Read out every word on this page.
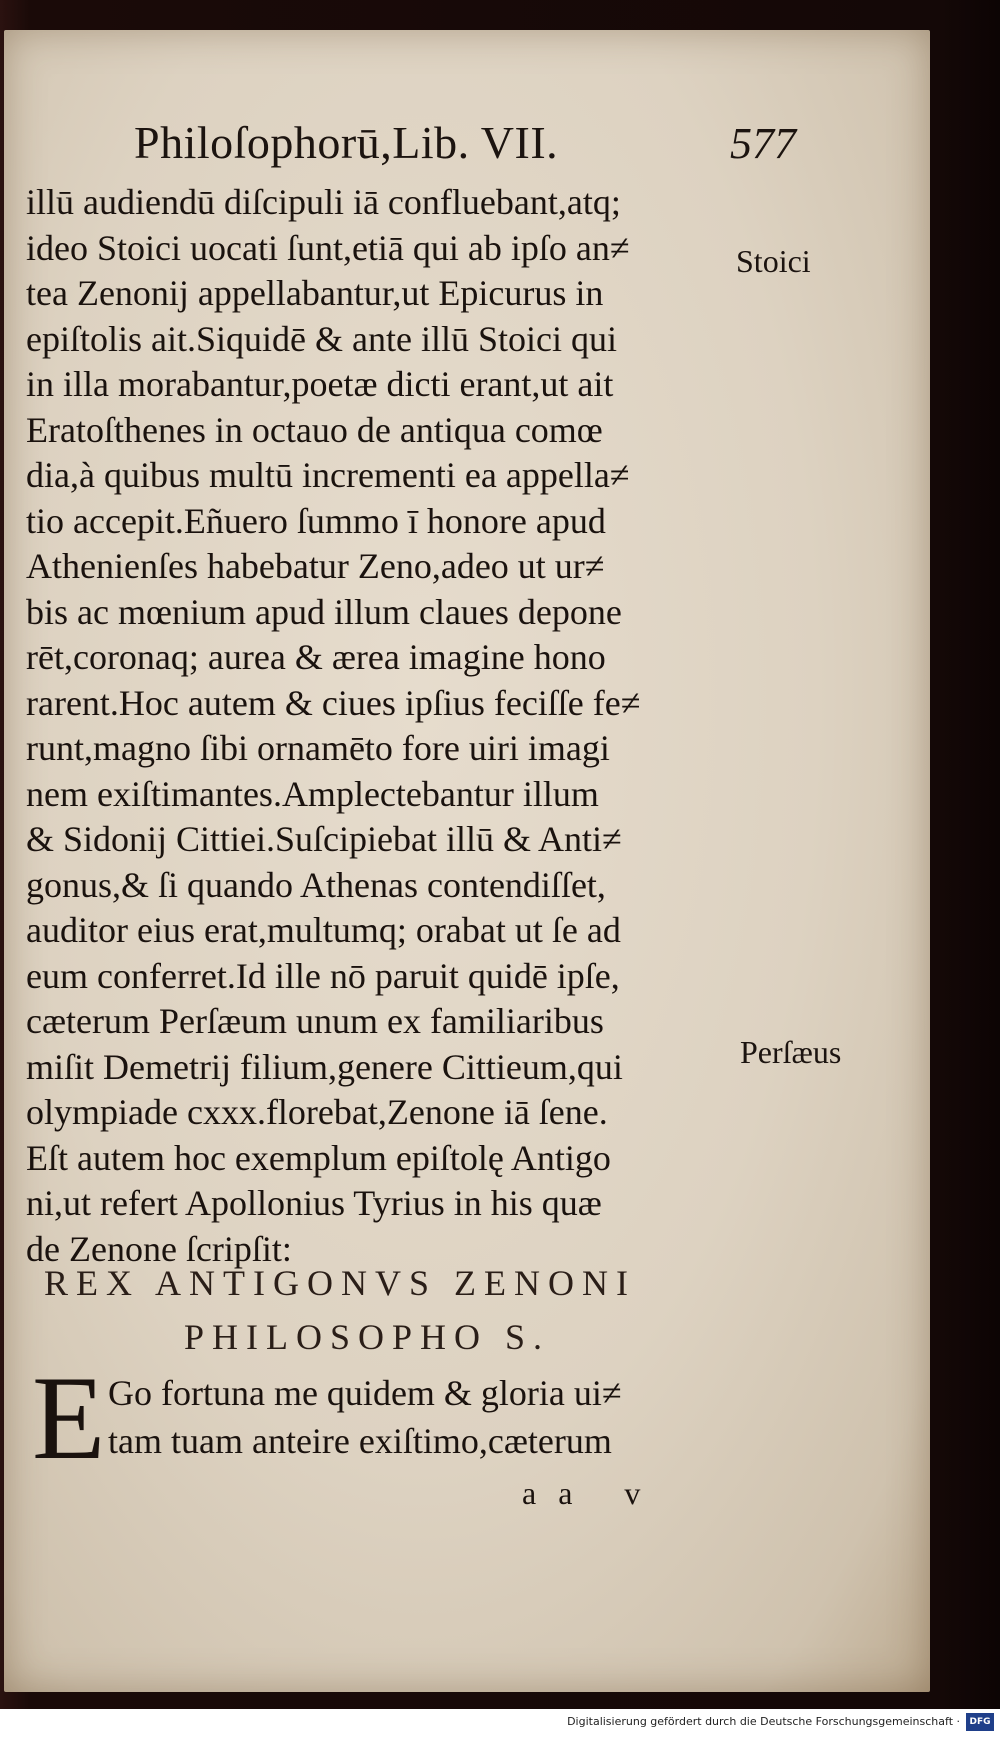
Philoſophorū,Lib. VII.	577
illū audiendū diſcipuli iā confluebant,atq;
ideo Stoici uocati ſunt,etiā qui ab ipſo an≠
tea Zenonij appellabantur,ut Epicurus in
epiſtolis ait.Siquidē & ante illū Stoici qui
in illa morabantur,poetæ dicti erant,ut ait
Eratoſthenes in octauo de antiqua comœ
dia,à quibus multū incrementi ea appella≠
tio accepit.Eñuero ſummo ī honore apud
Athenienſes habebatur Zeno,adeo ut ur≠
bis ac mœnium apud illum claues depone
rēt,coronaq; aurea & ærea imagine hono
rarent.Hoc autem & ciues ipſius feciſſe fe≠
runt,magno ſibi ornamēto fore uiri imagi
nem exiſtimantes.Amplectebantur illum
& Sidonij Cittiei.Suſcipiebat illū & Anti≠
gonus,& ſi quando Athenas contendiſſet,
auditor eius erat,multumq; orabat ut ſe ad
eum conferret.Id ille nō paruit quidē ipſe,
cæterum Perſæum unum ex familiaribus
miſit Demetrij filium,genere Cittieum,qui
olympiade cxxx.florebat,Zenone iā ſene.
Eſt autem hoc exemplum epiſtolę Antigo
ni,ut refert Apollonius Tyrius in his quæ
de Zenone ſcripſit:
Stoici
Perſæus
REX ANTIGONVS ZENONI
PHILOSOPHO S.
E Go fortuna me quidem & gloria ui≠
tam tuam anteire exiſtimo,cæterum
aa v
Digitalisierung gefördert durch die Deutsche Forschungsgemeinschaft ·	DFG
